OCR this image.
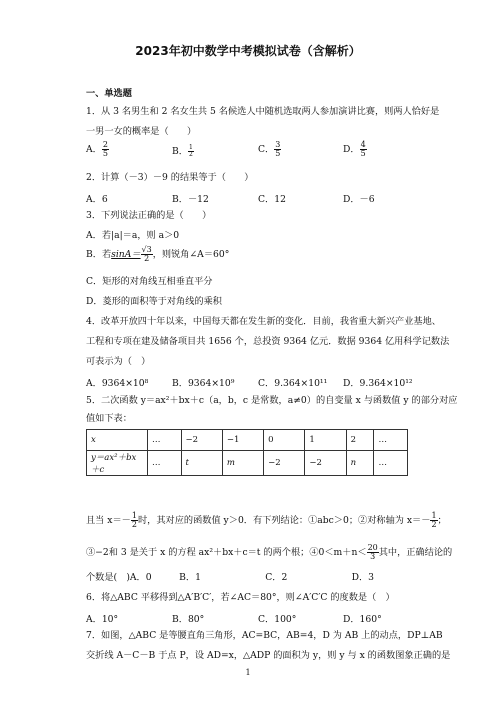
2023年初中数学中考模拟试卷（含解析）
一、单选题
1．从 3 名男生和 2 名女生共 5 名候选人中随机选取两人参加演讲比赛，则两人恰好是
一男一女的概率是（　　）
A． $\frac{2}{5}$	B． $\frac{1}{2}$	C． $\frac{3}{5}$	D． $\frac{4}{5}$
2．计算（－3）－9 的结果等于（　　）
A．6	B．－12	C．12	D．－6
3．下列说法正确的是（　　）
A．若|a|＝a，则 a＞0
B．若$\sin A= \frac{√3}{2}$ ，则锐角∠A＝60°
C．矩形的对角线互相垂直平分
D．菱形的面积等于对角线的乘积
4．改革开放四十年以来，中国每天都在发生新的变化．目前，我省重大新兴产业基地、
工程和专项在建及储备项目共 1656 个，总投资 9364 亿元．数据 9364 亿用科学记数法
可表示为（　）
A．9364×10⁸	B．9364×10⁹	C．9.364×10¹¹ D．9.364×10¹²
5．二次函数 y＝ax²＋bx＋c（a，b，c 是常数，a≠0）的自变量 x 与函数值 y 的部分对应
值如下表：
x	…	−2	−1	0	1	2	…
y＝ax²＋bx＋c	…	t	m	−2	−2	n	…
且当 $x=- \frac{1}{2}$ 时，其对应的函数值 y＞0．有下列结论：①abc＞0；②对称轴为 $x=- \frac{1}{2}$ ；
③−2和 3 是关于 x 的方程 ax²＋bx＋c＝t 的两个根；④0＜m＋n＜ $\frac{20}{3}$ 其中，正确结论的
个数是(　)A．0　　　B．1　　　　　　　C．2　　　　　　　D．3
6．将△ABC 平移得到△A′B′C′，若∠AC＝80°，则∠A′C′C 的度数是（　）
A．10°	B．80°	C．100°	D．160°
7．如图，△ABC 是等腰直角三角形，AC=BC，AB=4，D 为 AB 上的动点，DP⊥AB
交折线 A－C－B 于点 P，设 AD=x，△ADP 的面积为 y，则 y 与 x 的函数图象正确的是
1
